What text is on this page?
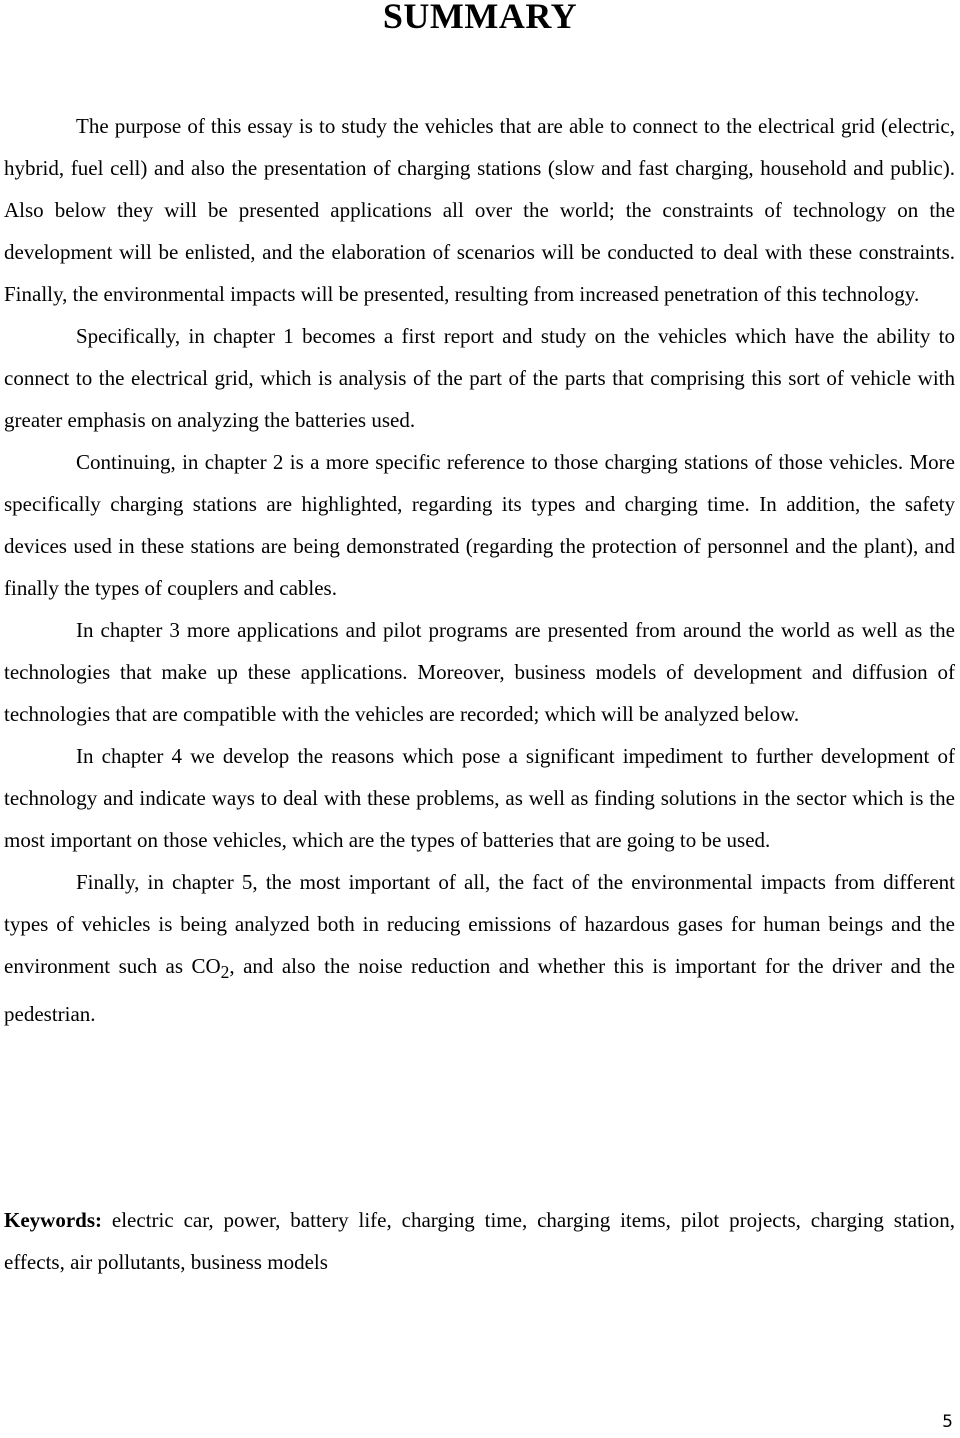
SUMMARY

The purpose of this essay is to study the vehicles that are able to connect to the electrical grid (electric, hybrid, fuel cell) and also the presentation of charging stations (slow and fast charging, household and public). Also below they will be presented applications all over the world; the constraints of technology on the development will be enlisted, and the elaboration of scenarios will be conducted to deal with these constraints. Finally, the environmental impacts will be presented, resulting from increased penetration of this technology.

Specifically, in chapter 1 becomes a first report and study on the vehicles which have the ability to connect to the electrical grid, which is analysis of the part of the parts that comprising this sort of vehicle with greater emphasis on analyzing the batteries used.

Continuing, in chapter 2 is a more specific reference to those charging stations of those vehicles. More specifically charging stations are highlighted, regarding its types and charging time. In addition, the safety devices used in these stations are being demonstrated (regarding the protection of personnel and the plant), and finally the types of couplers and cables.

In chapter 3 more applications and pilot programs are presented from around the world as well as the technologies that make up these applications. Moreover, business models of development and diffusion of technologies that are compatible with the vehicles are recorded; which will be analyzed below.

In chapter 4 we develop the reasons which pose a significant impediment to further development of technology and indicate ways to deal with these problems, as well as finding solutions in the sector which is the most important on those vehicles, which are the types of batteries that are going to be used.

Finally, in chapter 5, the most important of all, the fact of the environmental impacts from different types of vehicles is being analyzed both in reducing emissions of hazardous gases for human beings and the environment such as $CO_2$, and also the noise reduction and whether this is important for the driver and the pedestrian.

Keywords: electric car, power, battery life, charging time, charging items, pilot projects, charging station, effects, air pollutants, business models

5
